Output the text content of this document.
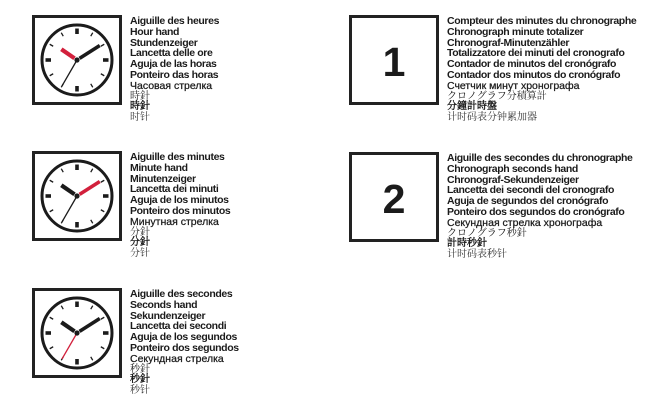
Aiguille des heures
Hour hand
Stundenzeiger
Lancetta delle ore
Aguja de las horas
Ponteiro das horas
Часовая стрелка
時針
時針
时针
Aiguille des minutes
Minute hand
Minutenzeiger
Lancetta dei minuti
Aguja de los minutos
Ponteiro dos minutos
Минутная стрелка
分針
分針
分针
Aiguille des secondes
Seconds hand
Sekundenzeiger
Lancetta dei secondi
Aguja de los segundos
Ponteiro dos segundos
Секундная стрелка
秒針
秒針
秒针
1
Compteur des minutes du chronographe
Chronograph minute totalizer
Chronograf-Minutenzähler
Totalizzatore dei minuti del cronografo
Contador de minutos del cronógrafo
Contador dos minutos do cronógrafo
Счетчик минут хронографа
クロノグラフ分積算計
分鐘計時盤
计时码表分钟累加器
2
Aiguille des secondes du chronographe
Chronograph seconds hand
Chronograf-Sekundenzeiger
Lancetta dei secondi del cronografo
Aguja de segundos del cronógrafo
Ponteiro dos segundos do cronógrafo
Секундная стрелка хронографа
クロノグラフ秒針
計時秒針
计时码表秒针
